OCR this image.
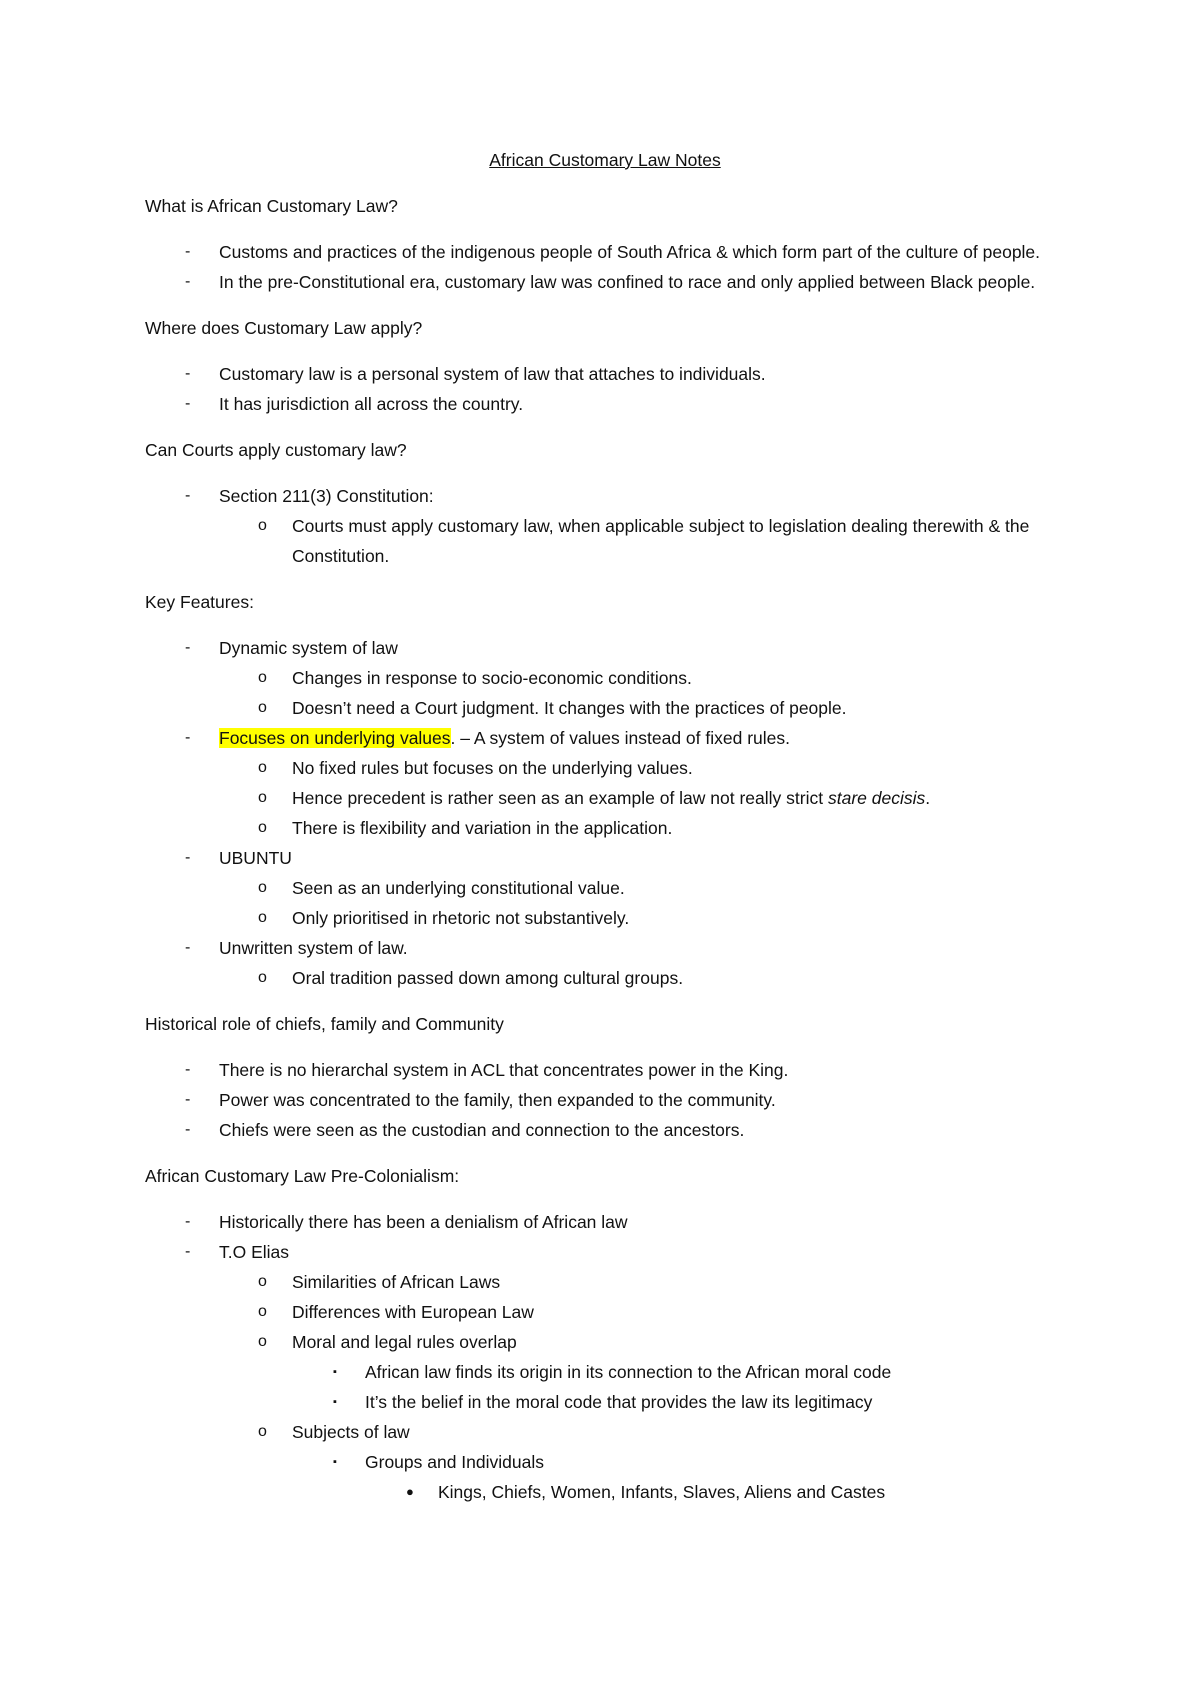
African Customary Law Notes
What is African Customary Law?
- Customs and practices of the indigenous people of South Africa & which form part of the culture of people.
- In the pre-Constitutional era, customary law was confined to race and only applied between Black people.
Where does Customary Law apply?
- Customary law is a personal system of law that attaches to individuals.
- It has jurisdiction all across the country.
Can Courts apply customary law?
- Section 211(3) Constitution:
o Courts must apply customary law, when applicable subject to legislation dealing therewith & the Constitution.
Key Features:
- Dynamic system of law
o Changes in response to socio-economic conditions.
o Doesn’t need a Court judgment. It changes with the practices of people.
- Focuses on underlying values. – A system of values instead of fixed rules.
o No fixed rules but focuses on the underlying values.
o Hence precedent is rather seen as an example of law not really strict stare decisis.
o There is flexibility and variation in the application.
- UBUNTU
o Seen as an underlying constitutional value.
o Only prioritised in rhetoric not substantively.
- Unwritten system of law.
o Oral tradition passed down among cultural groups.
Historical role of chiefs, family and Community
- There is no hierarchal system in ACL that concentrates power in the King.
- Power was concentrated to the family, then expanded to the community.
- Chiefs were seen as the custodian and connection to the ancestors.
African Customary Law Pre-Colonialism:
- Historically there has been a denialism of African law
- T.O Elias
o Similarities of African Laws
o Differences with European Law
o Moral and legal rules overlap
▪ African law finds its origin in its connection to the African moral code
▪ It’s the belief in the moral code that provides the law its legitimacy
o Subjects of law
▪ Groups and Individuals
● Kings, Chiefs, Women, Infants, Slaves, Aliens and Castes
